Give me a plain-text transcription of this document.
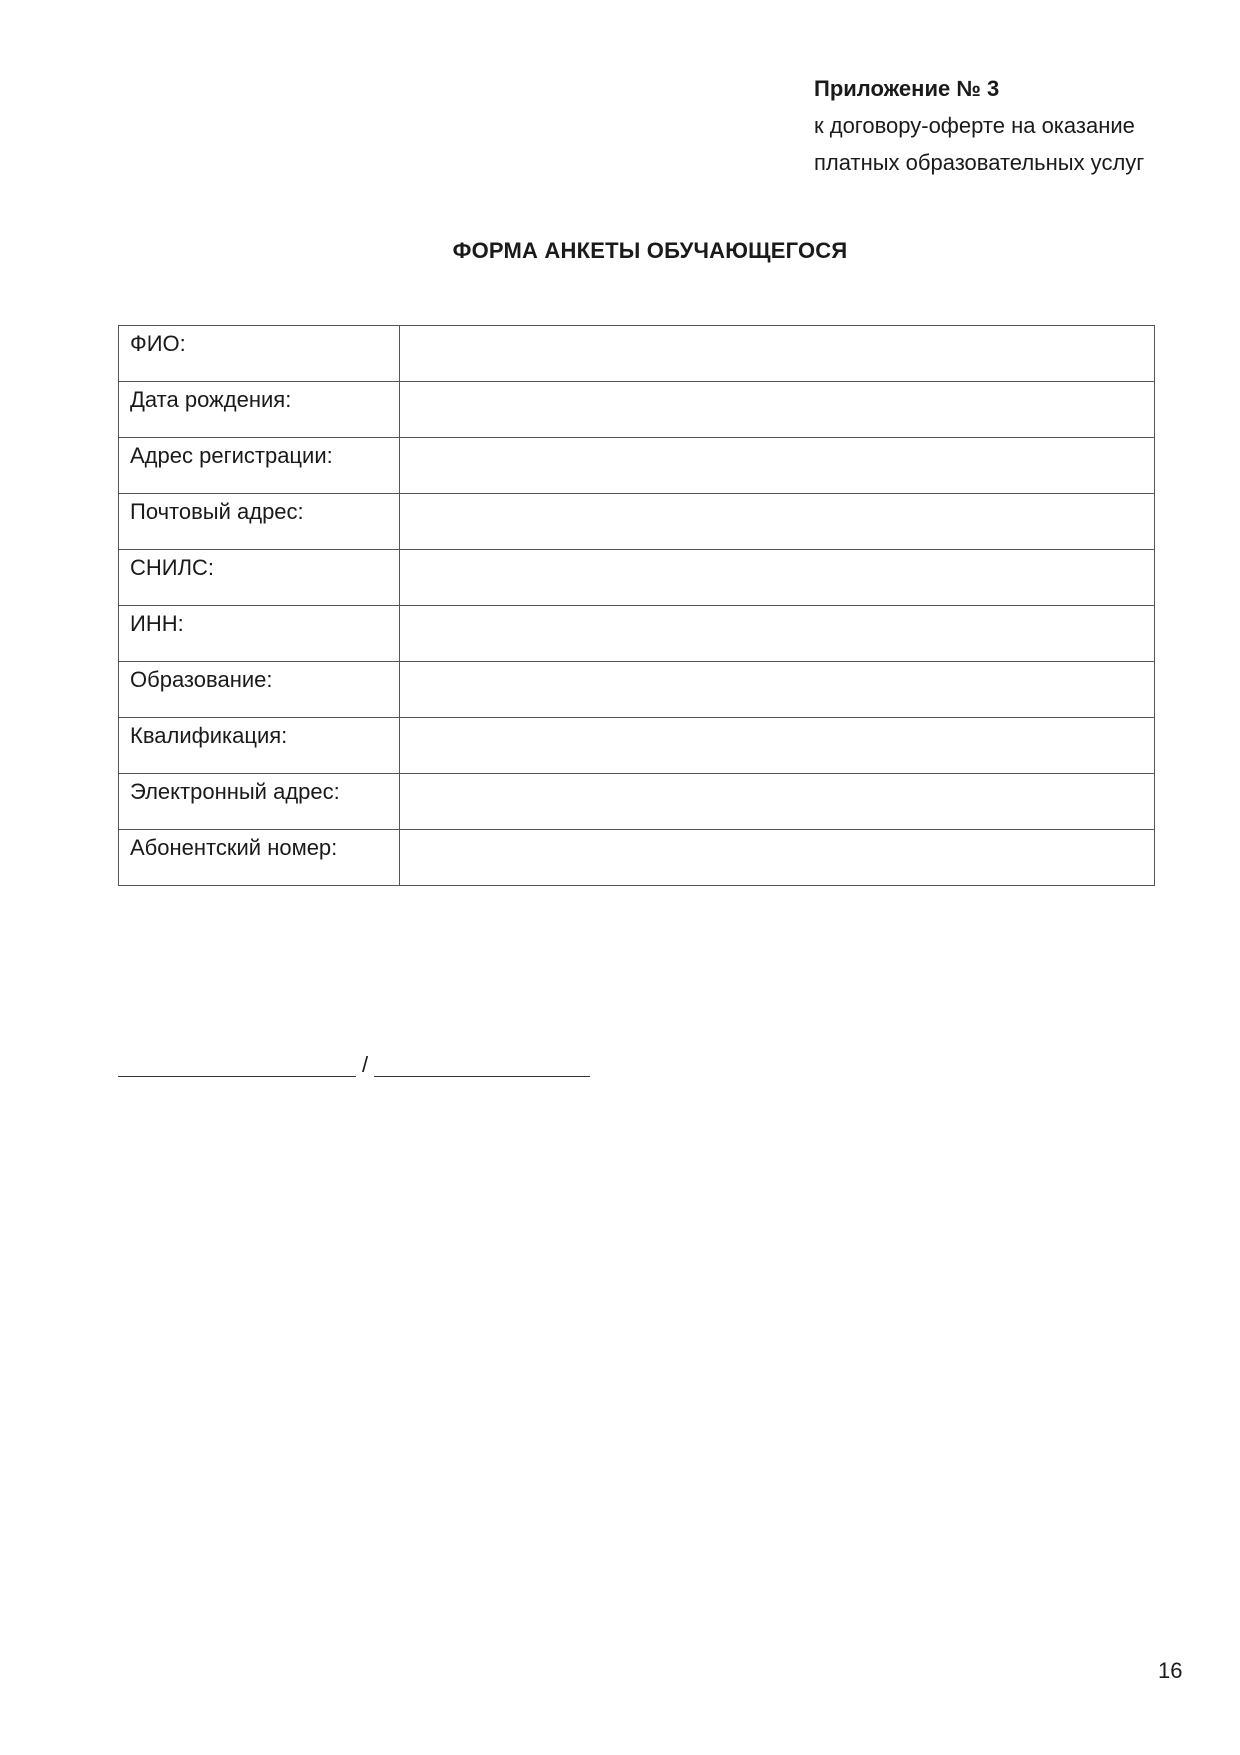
Приложение № 3
к договору-оферте на оказание
платных образовательных услуг
ФОРМА АНКЕТЫ ОБУЧАЮЩЕГОСЯ
ФИО:	
Дата рождения:	
Адрес регистрации:	
Почтовый адрес:	
СНИЛС:	
ИНН:	
Образование:	
Квалификация:	
Электронный адрес:	
Абонентский номер:	
/
16
